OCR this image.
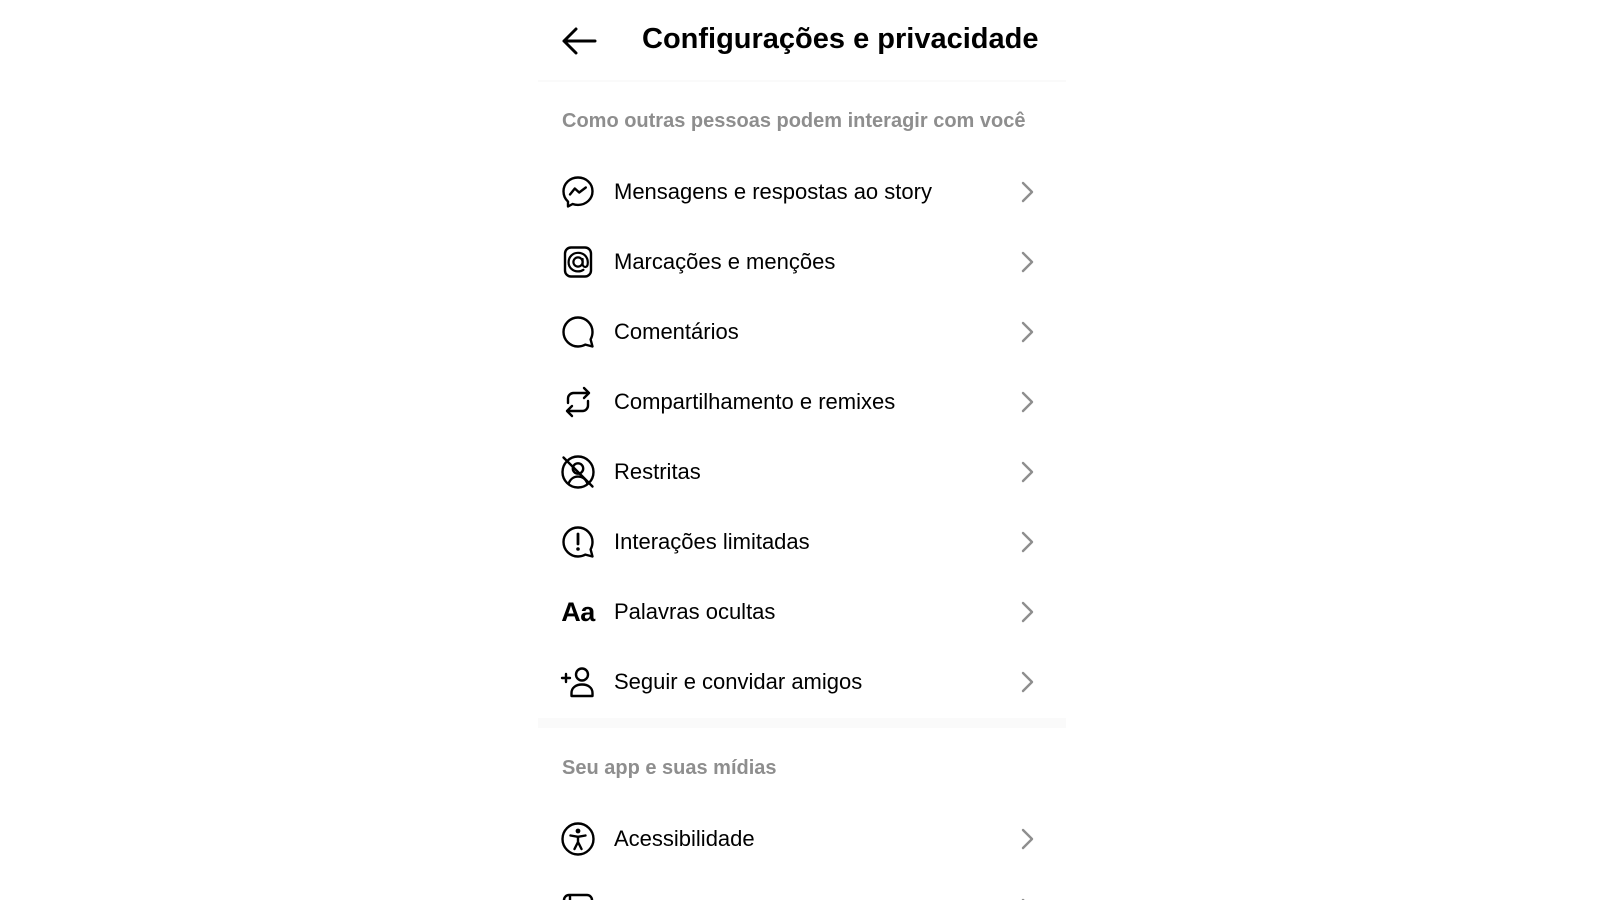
Configurações e privacidade
Como outras pessoas podem interagir com você
Mensagens e respostas ao story
Marcações e menções
Comentários
Compartilhamento e remixes
Restritas
Interações limitadas
Aa Palavras ocultas
Seguir e convidar amigos
Seu app e suas mídias
Acessibilidade
